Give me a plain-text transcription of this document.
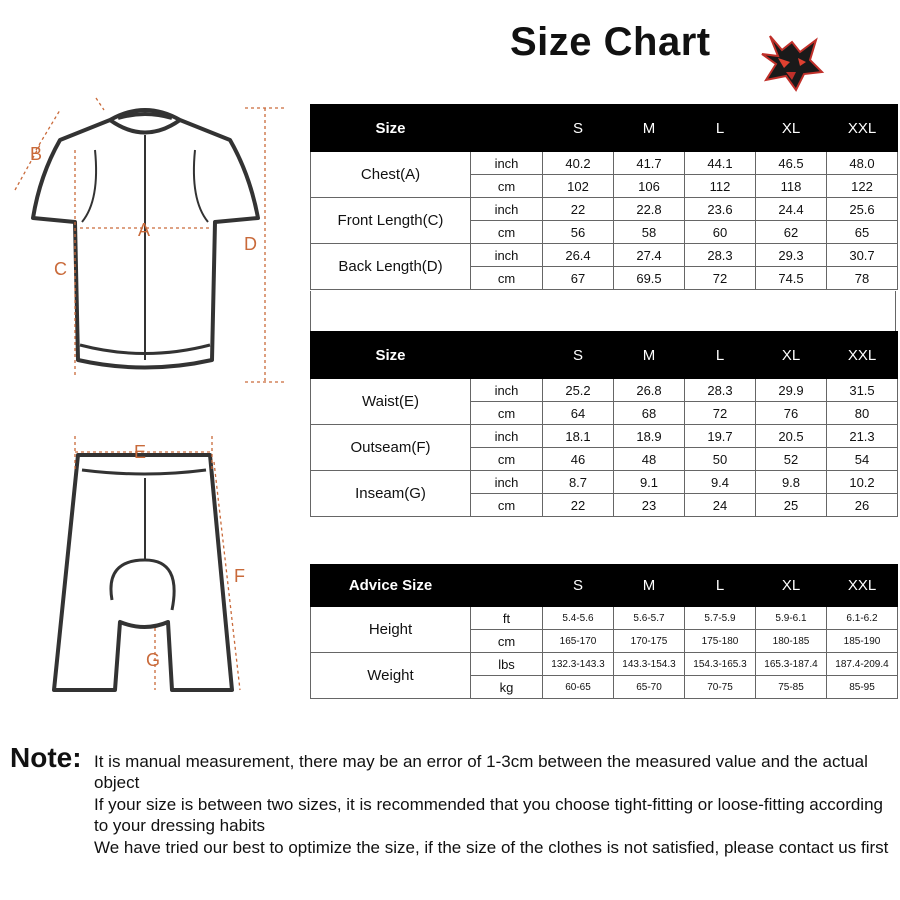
Size Chart
A
B
C
D
E
F
G
Size		S	M	L	XL	XXL
Chest(A)	inch	40.2	41.7	44.1	46.5	48.0
	cm	102	106	112	118	122
Front Length(C)	inch	22	22.8	23.6	24.4	25.6
	cm	56	58	60	62	65
Back Length(D)	inch	26.4	27.4	28.3	29.3	30.7
	cm	67	69.5	72	74.5	78
Size		S	M	L	XL	XXL
Waist(E)	inch	25.2	26.8	28.3	29.9	31.5
	cm	64	68	72	76	80
Outseam(F)	inch	18.1	18.9	19.7	20.5	21.3
	cm	46	48	50	52	54
Inseam(G)	inch	8.7	9.1	9.4	9.8	10.2
	cm	22	23	24	25	26
Advice Size		S	M	L	XL	XXL
Height	ft	5.4-5.6	5.6-5.7	5.7-5.9	5.9-6.1	6.1-6.2
	cm	165-170	170-175	175-180	180-185	185-190
Weight	lbs	132.3-143.3	143.3-154.3	154.3-165.3	165.3-187.4	187.4-209.4
	kg	60-65	65-70	70-75	75-85	85-95
Note: It is manual measurement, there may be an error of 1-3cm between the measured value and the actual object
If your size is between two sizes, it is recommended that you choose tight-fitting or loose-fitting according to your dressing habits
We have tried our best to optimize the size, if the size of the clothes is not satisfied, please contact us first
